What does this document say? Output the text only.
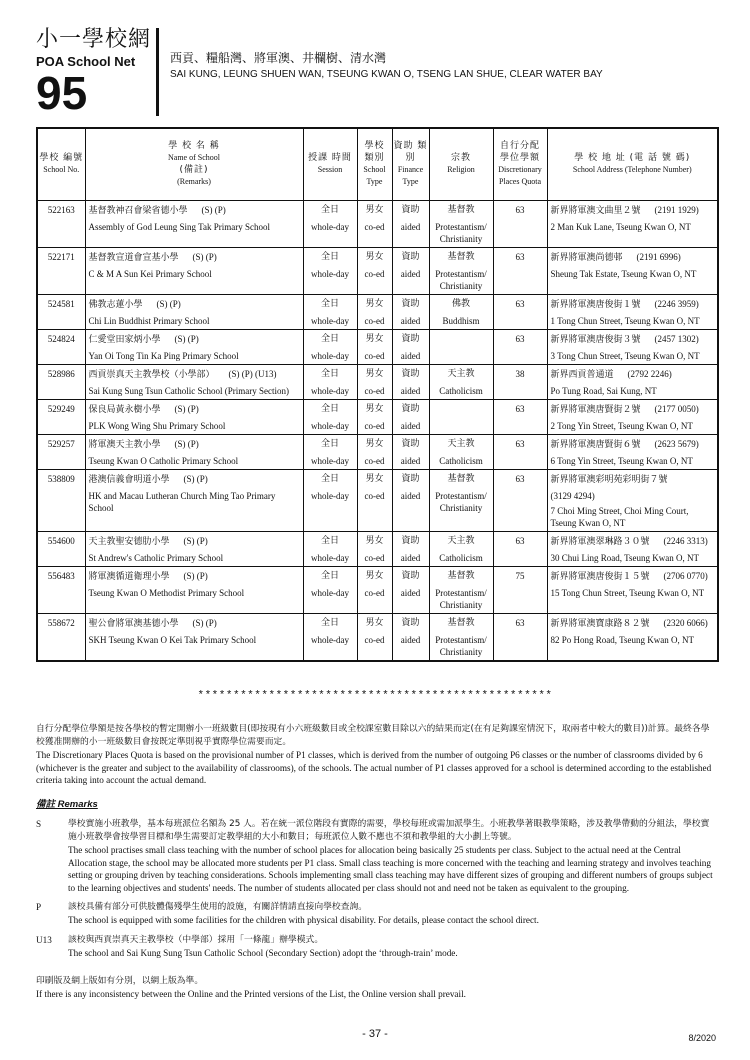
小一學校網
POA School Net
95
西貢、糧船灣、將軍澳、井欄樹、清水灣
SAI KUNG, LEUNG SHUEN WAN, TSEUNG KWAN O, TSENG LAN SHUE, CLEAR WATER BAY
學校 編號
School No.	學 校 名 稱
Name of School
(備註)
(Remarks)	授課 時間
Session	學校 類別
School Type	資助 類別
Finance Type	宗教
Religion	自行分配 學位學額
Discretionary Places Quota	學 校 地 址 (電 話 號 碼)
School Address (Telephone Number)

522163	基督教神召會梁省德小學 (S) (P)	全日	男女	資助	基督教	63	新界將軍澳文曲里２號 (2191 1929)
	Assembly of God Leung Sing Tak Primary School	whole-day	co-ed	aided	Protestantism/ Christianity		2 Man Kuk Lane, Tseung Kwan O, NT

522171	基督教宣道會宣基小學 (S) (P)	全日	男女	資助	基督教	63	新界將軍澳尚德邨 (2191 6996)
	C & M A Sun Kei Primary School	whole-day	co-ed	aided	Protestantism/ Christianity		Sheung Tak Estate, Tseung Kwan O, NT

524581	佛教志蓮小學 (S) (P)	全日	男女	資助	佛教	63	新界將軍澳唐俊街１號 (2246 3959)
	Chi Lin Buddhist Primary School	whole-day	co-ed	aided	Buddhism		1 Tong Chun Street, Tseung Kwan O, NT

524824	仁愛堂田家炳小學 (S) (P)	全日	男女	資助		63	新界將軍澳唐俊街３號 (2457 1302)
	Yan Oi Tong Tin Ka Ping Primary School	whole-day	co-ed	aided			3 Tong Chun Street, Tseung Kwan O, NT

528986	西貢崇真天主教學校（小學部） (S) (P) (U13)	全日	男女	資助	天主教	38	新界西貢普通道 (2792 2246)
	Sai Kung Sung Tsun Catholic School (Primary Section)	whole-day	co-ed	aided	Catholicism		Po Tung Road, Sai Kung, NT

529249	保良局黃永樹小學 (S) (P)	全日	男女	資助		63	新界將軍澳唐賢街２號 (2177 0050)
	PLK Wong Wing Shu Primary School	whole-day	co-ed	aided			2 Tong Yin Street, Tseung Kwan O, NT

529257	將軍澳天主教小學 (S) (P)	全日	男女	資助	天主教	63	新界將軍澳唐賢街６號 (2623 5679)
	Tseung Kwan O Catholic Primary School	whole-day	co-ed	aided	Catholicism		6 Tong Yin Street, Tseung Kwan O, NT

538809	港澳信義會明道小學 (S) (P)	全日	男女	資助	基督教	63	新界將軍澳彩明苑彩明街７號
	HK and Macau Lutheran Church Ming Tao Primary School	whole-day	co-ed	aided	Protestantism/ Christianity		(3129 4294)
7 Choi Ming Street, Choi Ming Court, Tseung Kwan O, NT

554600	天主教聖安德肋小學 (S) (P)	全日	男女	資助	天主教	63	新界將軍澳翠琳路３０號 (2246 3313)
	St Andrew's Catholic Primary School	whole-day	co-ed	aided	Catholicism		30 Chui Ling Road, Tseung Kwan O, NT

556483	將軍澳循道衛理小學 (S) (P)	全日	男女	資助	基督教	75	新界將軍澳唐俊街１５號 (2706 0770)
	Tseung Kwan O Methodist Primary School	whole-day	co-ed	aided	Protestantism/ Christianity		15 Tong Chun Street, Tseung Kwan O, NT

558672	聖公會將軍澳基德小學 (S) (P)	全日	男女	資助	基督教	63	新界將軍澳寶康路８２號 (2320 6066)
	SKH Tseung Kwan O Kei Tak Primary School	whole-day	co-ed	aided	Protestantism/ Christianity		82 Po Hong Road, Tseung Kwan O, NT
**************************************************
自行分配學位學額是按各學校的暫定開辦小一班級數目(即按現有小六班級數目或全校課室數目除以六的結果而定(在有足夠課室情況下，取兩者中較大的數目))計算。最終各學校獲准開辦的小一班級數目會按既定準則視乎實際學位需要而定。
The Discretionary Places Quota is based on the provisional number of P1 classes, which is derived from the number of outgoing P6 classes or the number of classrooms divided by 6 (whichever is the greater and subject to the availability of classrooms), of the schools. The actual number of P1 classes approved for a school is determined according to the established criteria taking into account the actual demand.
備註 Remarks
S	學校實施小班教學，基本每班派位名額為 25 人。若在統一派位階段有實際的需要，學校每班或需加派學生。小班教學著眼教學策略，涉及教學帶動的分組法，學校實施小班教學會按學習目標和學生需要訂定教學組的大小和數目；每班派位人數不應也不須和教學組的大小劃上等號。
The school practises small class teaching with the number of school places for allocation being basically 25 students per class. Subject to the actual need at the Central Allocation stage, the school may be allocated more students per P1 class. Small class teaching is more concerned with the teaching and learning strategy and involves teaching setting or grouping driven by teaching considerations. Schools implementing small class teaching may have different sizes of grouping and different numbers of groups subject to the learning objectives and students' needs. The number of students allocated per class should not and need not be taken as equivalent to the grouping.
P	該校具備有部分可供肢體傷殘學生使用的設施，有關詳情請直接向學校查詢。
The school is equipped with some facilities for the children with physical disability. For details, please contact the school direct.
U13 該校與西貢崇真天主教學校（中學部）採用「一條龍」辦學模式。
The school and Sai Kung Sung Tsun Catholic School (Secondary Section) adopt the ‘through-train’ mode.
印刷版及網上版如有分別，以網上版為準。
If there is any inconsistency between the Online and the Printed versions of the List, the Online version shall prevail.
- 37 -	8/2020
